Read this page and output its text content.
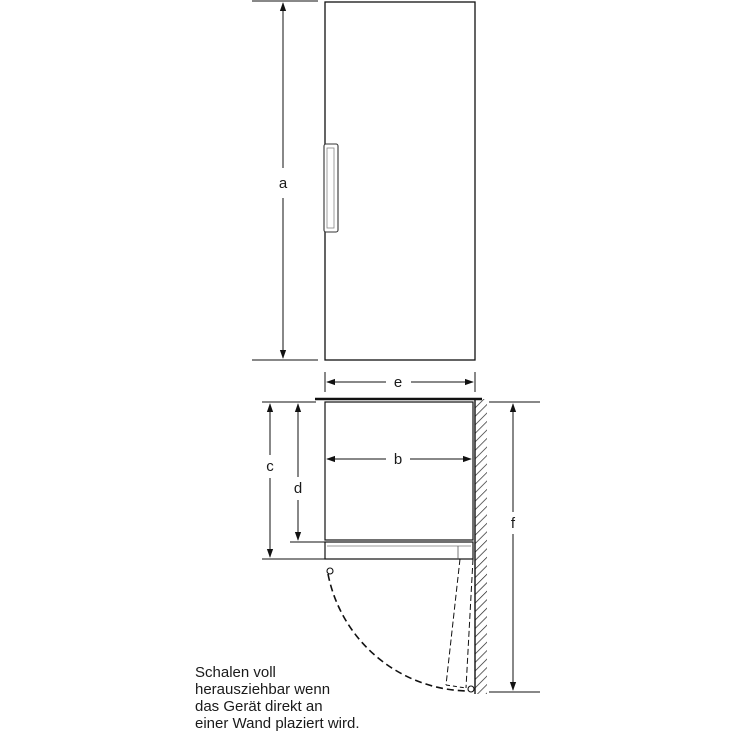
a
e
c
d
b
f
Schalen voll
herausziehbar wenn
das Gerät direkt an
einer Wand plaziert wird.
